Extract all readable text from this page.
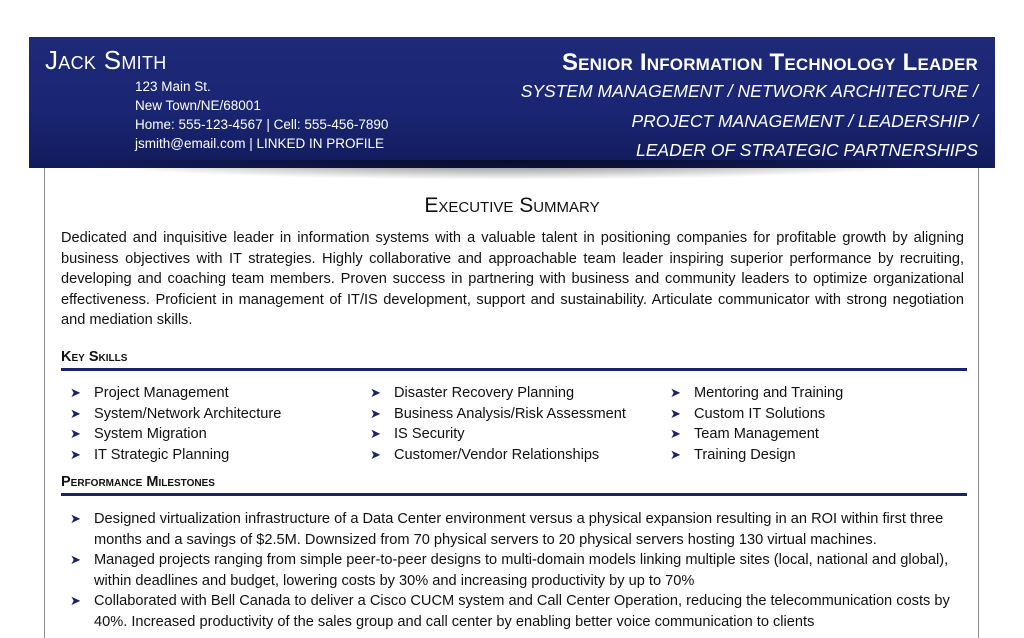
Jack Smith
123 Main St.
New Town/NE/68001
Home: 555-123-4567 | Cell: 555-456-7890
jsmith@email.com | LINKED IN PROFILE
Senior Information Technology Leader
SYSTEM MANAGEMENT / NETWORK ARCHITECTURE /
PROJECT MANAGEMENT / LEADERSHIP /
LEADER OF STRATEGIC PARTNERSHIPS
Executive Summary
Dedicated and inquisitive leader in information systems with a valuable talent in positioning companies for profitable growth by aligning business objectives with IT strategies. Highly collaborative and approachable team leader inspiring superior performance by recruiting, developing and coaching team members. Proven success in partnering with business and community leaders to optimize organizational effectiveness. Proficient in management of IT/IS development, support and sustainability. Articulate communicator with strong negotiation and mediation skills.
Key Skills
➤ Project Management
➤ System/Network Architecture
➤ System Migration
➤ IT Strategic Planning
➤ Disaster Recovery Planning
➤ Business Analysis/Risk Assessment
➤ IS Security
➤ Customer/Vendor Relationships
➤ Mentoring and Training
➤ Custom IT Solutions
➤ Team Management
➤ Training Design
Performance Milestones
➤ Designed virtualization infrastructure of a Data Center environment versus a physical expansion resulting in an ROI within first three months and a savings of $2.5M. Downsized from 70 physical servers to 20 physical servers hosting 130 virtual machines.
➤ Managed projects ranging from simple peer-to-peer designs to multi-domain models linking multiple sites (local, national and global), within deadlines and budget, lowering costs by 30% and increasing productivity by up to 70%
➤ Collaborated with Bell Canada to deliver a Cisco CUCM system and Call Center Operation, reducing the telecommunication costs by 40%. Increased productivity of the sales group and call center by enabling better voice communication to clients
